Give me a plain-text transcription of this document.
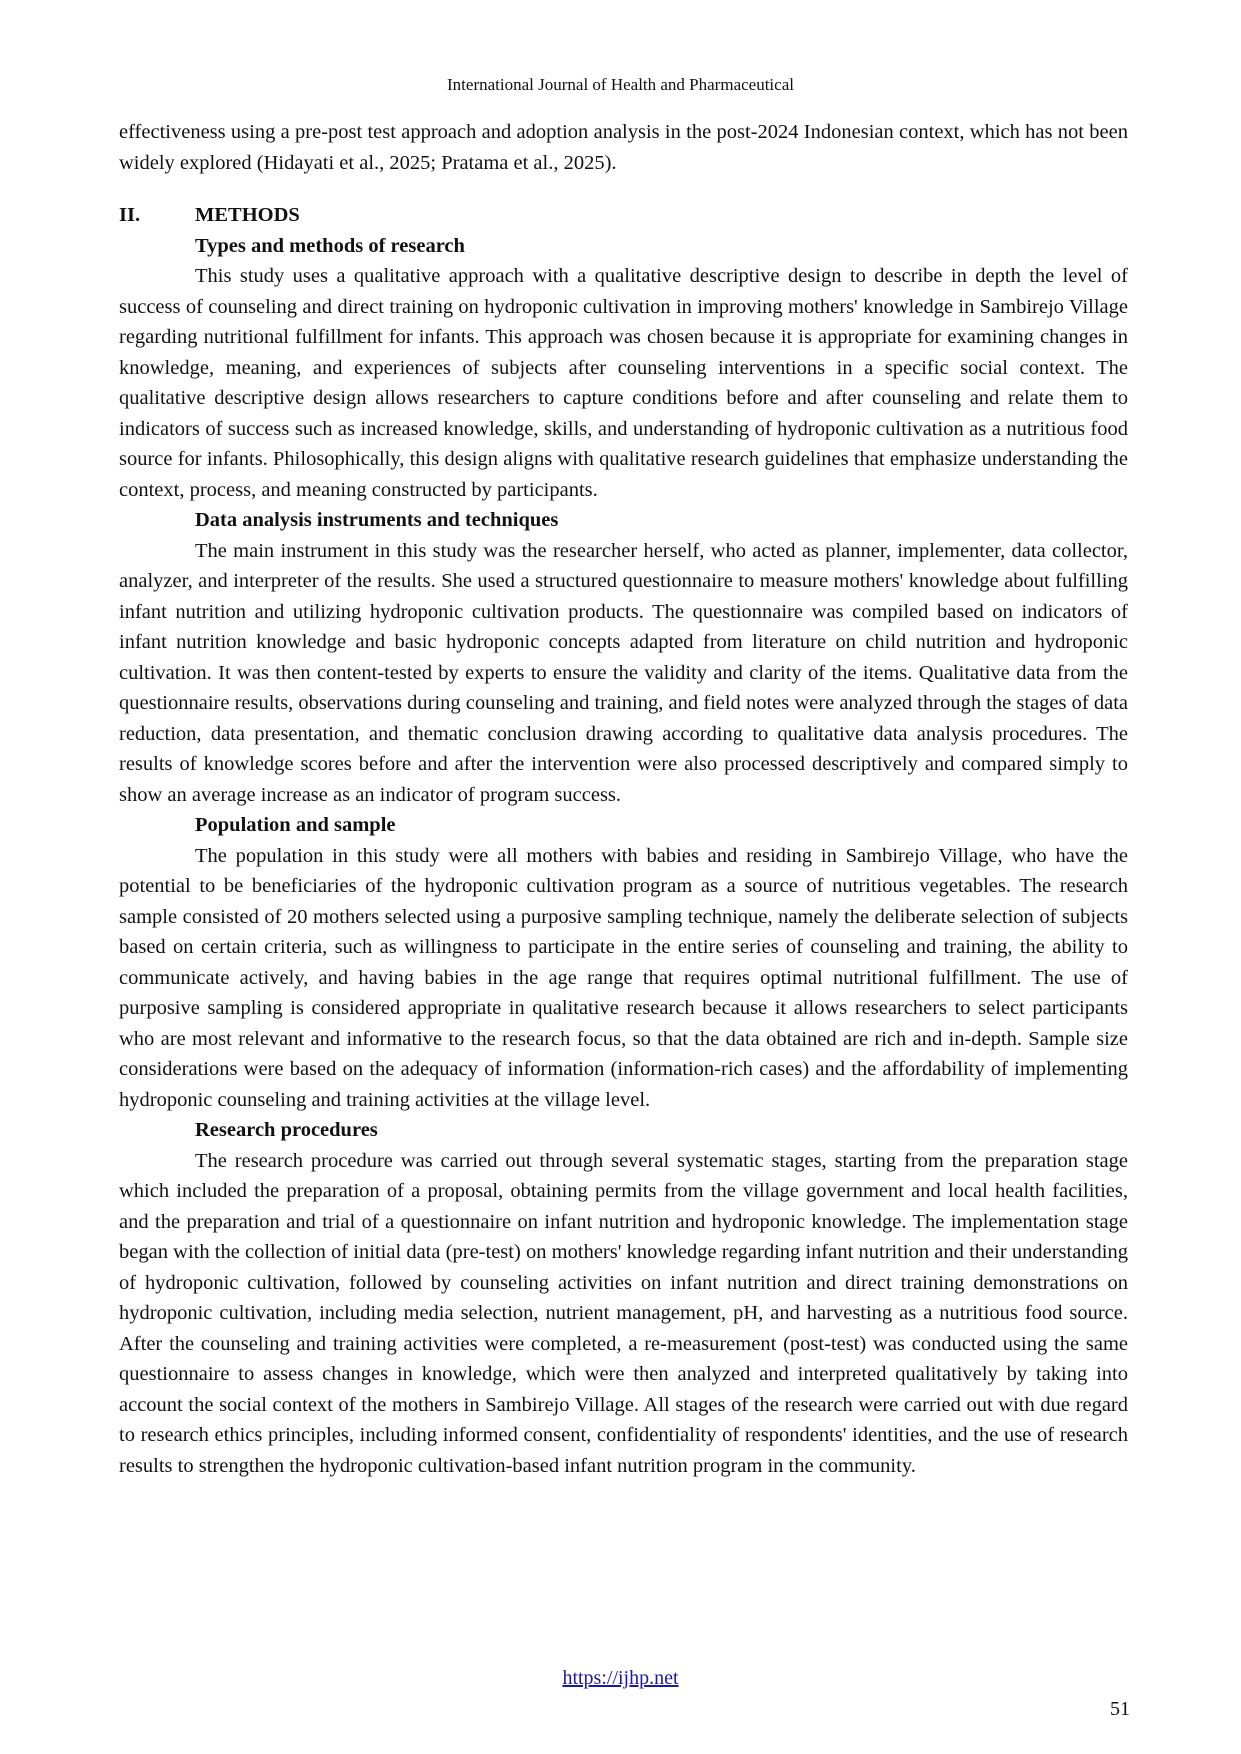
International Journal of Health and Pharmaceutical

effectiveness using a pre-post test approach and adoption analysis in the post-2024 Indonesian context, which has not been widely explored (Hidayati et al., 2025; Pratama et al., 2025).

II.	METHODS
Types and methods of research

This study uses a qualitative approach with a qualitative descriptive design to describe in depth the level of success of counseling and direct training on hydroponic cultivation in improving mothers' knowledge in Sambirejo Village regarding nutritional fulfillment for infants. This approach was chosen because it is appropriate for examining changes in knowledge, meaning, and experiences of subjects after counseling interventions in a specific social context. The qualitative descriptive design allows researchers to capture conditions before and after counseling and relate them to indicators of success such as increased knowledge, skills, and understanding of hydroponic cultivation as a nutritious food source for infants. Philosophically, this design aligns with qualitative research guidelines that emphasize understanding the context, process, and meaning constructed by participants.

Data analysis instruments and techniques

The main instrument in this study was the researcher herself, who acted as planner, implementer, data collector, analyzer, and interpreter of the results. She used a structured questionnaire to measure mothers' knowledge about fulfilling infant nutrition and utilizing hydroponic cultivation products. The questionnaire was compiled based on indicators of infant nutrition knowledge and basic hydroponic concepts adapted from literature on child nutrition and hydroponic cultivation. It was then content-tested by experts to ensure the validity and clarity of the items. Qualitative data from the questionnaire results, observations during counseling and training, and field notes were analyzed through the stages of data reduction, data presentation, and thematic conclusion drawing according to qualitative data analysis procedures. The results of knowledge scores before and after the intervention were also processed descriptively and compared simply to show an average increase as an indicator of program success.

Population and sample

The population in this study were all mothers with babies and residing in Sambirejo Village, who have the potential to be beneficiaries of the hydroponic cultivation program as a source of nutritious vegetables. The research sample consisted of 20 mothers selected using a purposive sampling technique, namely the deliberate selection of subjects based on certain criteria, such as willingness to participate in the entire series of counseling and training, the ability to communicate actively, and having babies in the age range that requires optimal nutritional fulfillment. The use of purposive sampling is considered appropriate in qualitative research because it allows researchers to select participants who are most relevant and informative to the research focus, so that the data obtained are rich and in-depth. Sample size considerations were based on the adequacy of information (information-rich cases) and the affordability of implementing hydroponic counseling and training activities at the village level.

Research procedures

The research procedure was carried out through several systematic stages, starting from the preparation stage which included the preparation of a proposal, obtaining permits from the village government and local health facilities, and the preparation and trial of a questionnaire on infant nutrition and hydroponic knowledge. The implementation stage began with the collection of initial data (pre-test) on mothers' knowledge regarding infant nutrition and their understanding of hydroponic cultivation, followed by counseling activities on infant nutrition and direct training demonstrations on hydroponic cultivation, including media selection, nutrient management, pH, and harvesting as a nutritious food source. After the counseling and training activities were completed, a re-measurement (post-test) was conducted using the same questionnaire to assess changes in knowledge, which were then analyzed and interpreted qualitatively by taking into account the social context of the mothers in Sambirejo Village. All stages of the research were carried out with due regard to research ethics principles, including informed consent, confidentiality of respondents' identities, and the use of research results to strengthen the hydroponic cultivation-based infant nutrition program in the community.

https://ijhp.net
51
